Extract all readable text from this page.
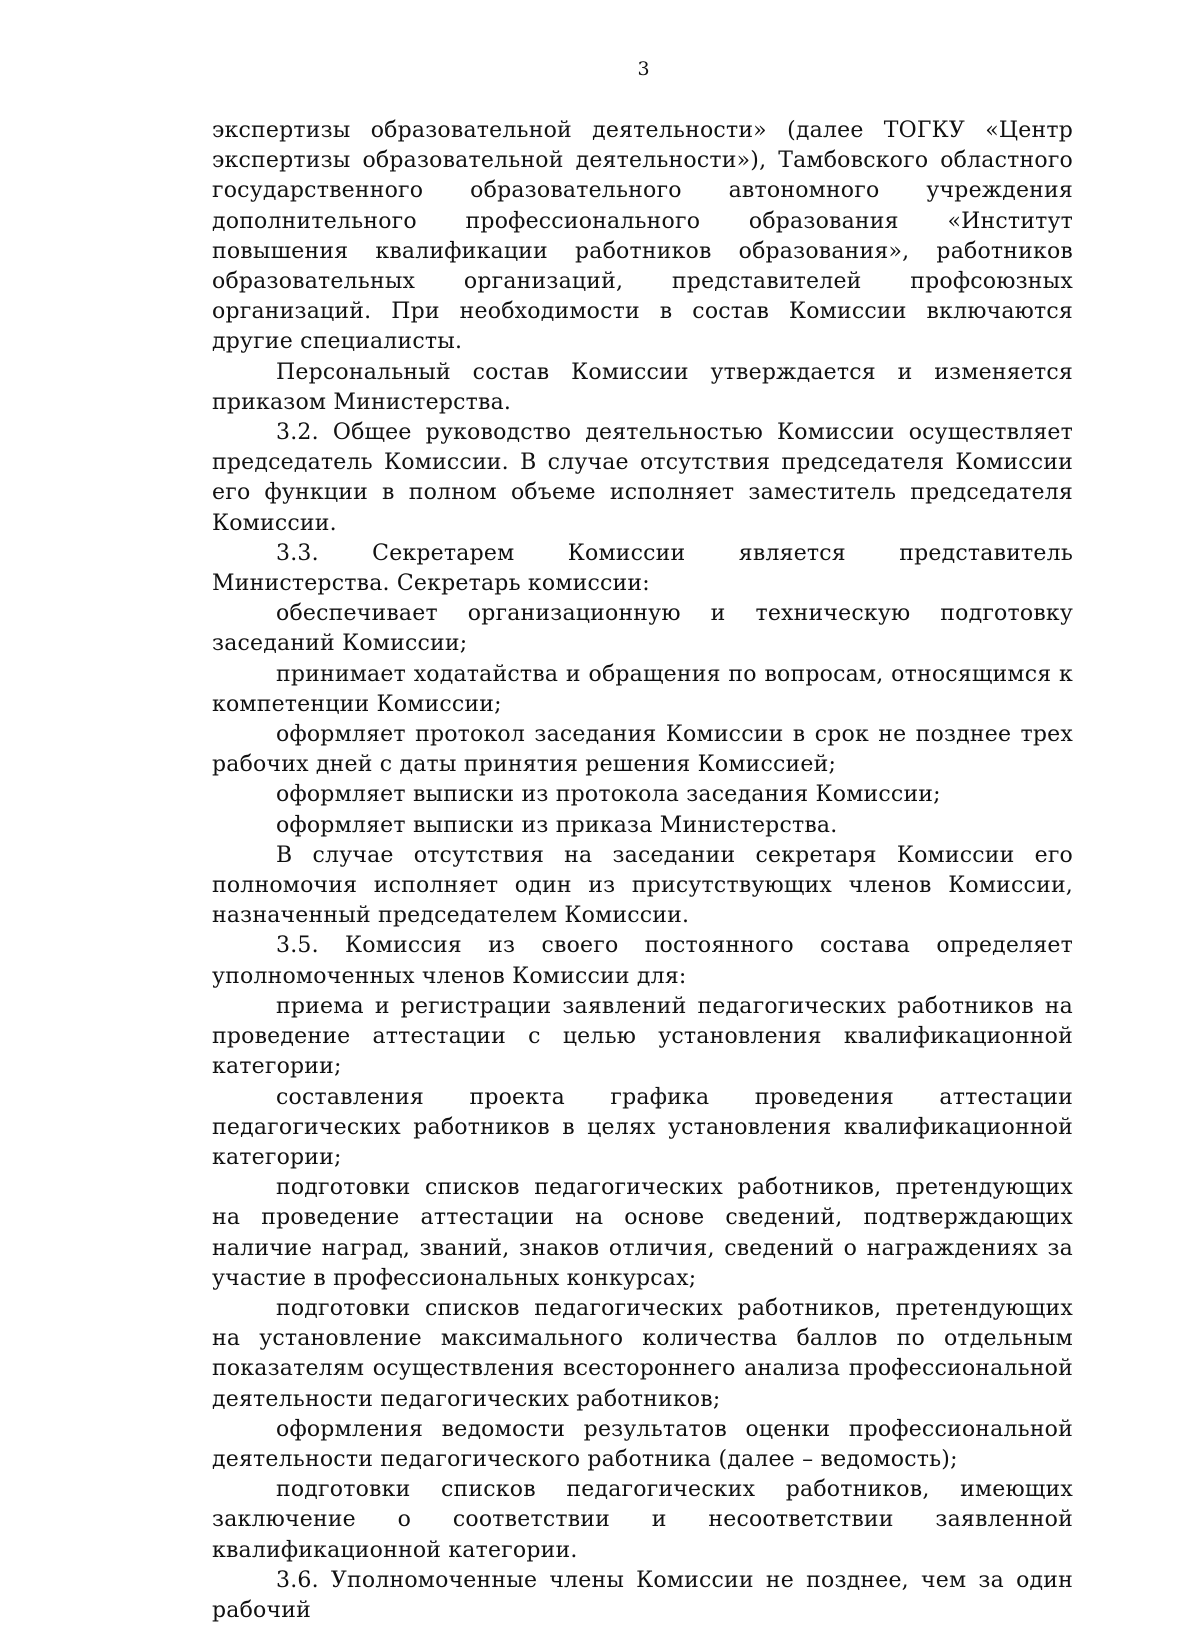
3

экспертизы образовательной деятельности» (далее ТОГКУ «Центр экспертизы образовательной деятельности»), Тамбовского областного государственного образовательного автономного учреждения дополнительного профессионального образования «Институт повышения квалификации работников образования», работников образовательных организаций, представителей профсоюзных организаций. При необходимости в состав Комиссии включаются другие специалисты.

Персональный состав Комиссии утверждается и изменяется приказом Министерства.

3.2. Общее руководство деятельностью Комиссии осуществляет председатель Комиссии. В случае отсутствия председателя Комиссии его функции в полном объеме исполняет заместитель председателя Комиссии.

3.3. Секретарем Комиссии является представитель Министерства. Секретарь комиссии:

обеспечивает организационную и техническую подготовку заседаний Комиссии;

принимает ходатайства и обращения по вопросам, относящимся к компетенции Комиссии;

оформляет протокол заседания Комиссии в срок не позднее трех рабочих дней с даты принятия решения Комиссией;

оформляет выписки из протокола заседания Комиссии;

оформляет выписки из приказа Министерства.

В случае отсутствия на заседании секретаря Комиссии его полномочия исполняет один из присутствующих членов Комиссии, назначенный председателем Комиссии.

3.5. Комиссия из своего постоянного состава определяет уполномоченных членов Комиссии для:

приема и регистрации заявлений педагогических работников на проведение аттестации с целью установления квалификационной категории;

составления проекта графика проведения аттестации педагогических работников в целях установления квалификационной категории;

подготовки списков педагогических работников, претендующих на проведение аттестации на основе сведений, подтверждающих наличие наград, званий, знаков отличия, сведений о награждениях за участие в профессиональных конкурсах;

подготовки списков педагогических работников, претендующих на установление максимального количества баллов по отдельным показателям осуществления всестороннего анализа профессиональной деятельности педагогических работников;

оформления ведомости результатов оценки профессиональной деятельности педагогического работника (далее – ведомость);

подготовки списков педагогических работников, имеющих заключение о соответствии и несоответствии заявленной квалификационной категории.

3.6. Уполномоченные члены Комиссии не позднее, чем за один рабочий
